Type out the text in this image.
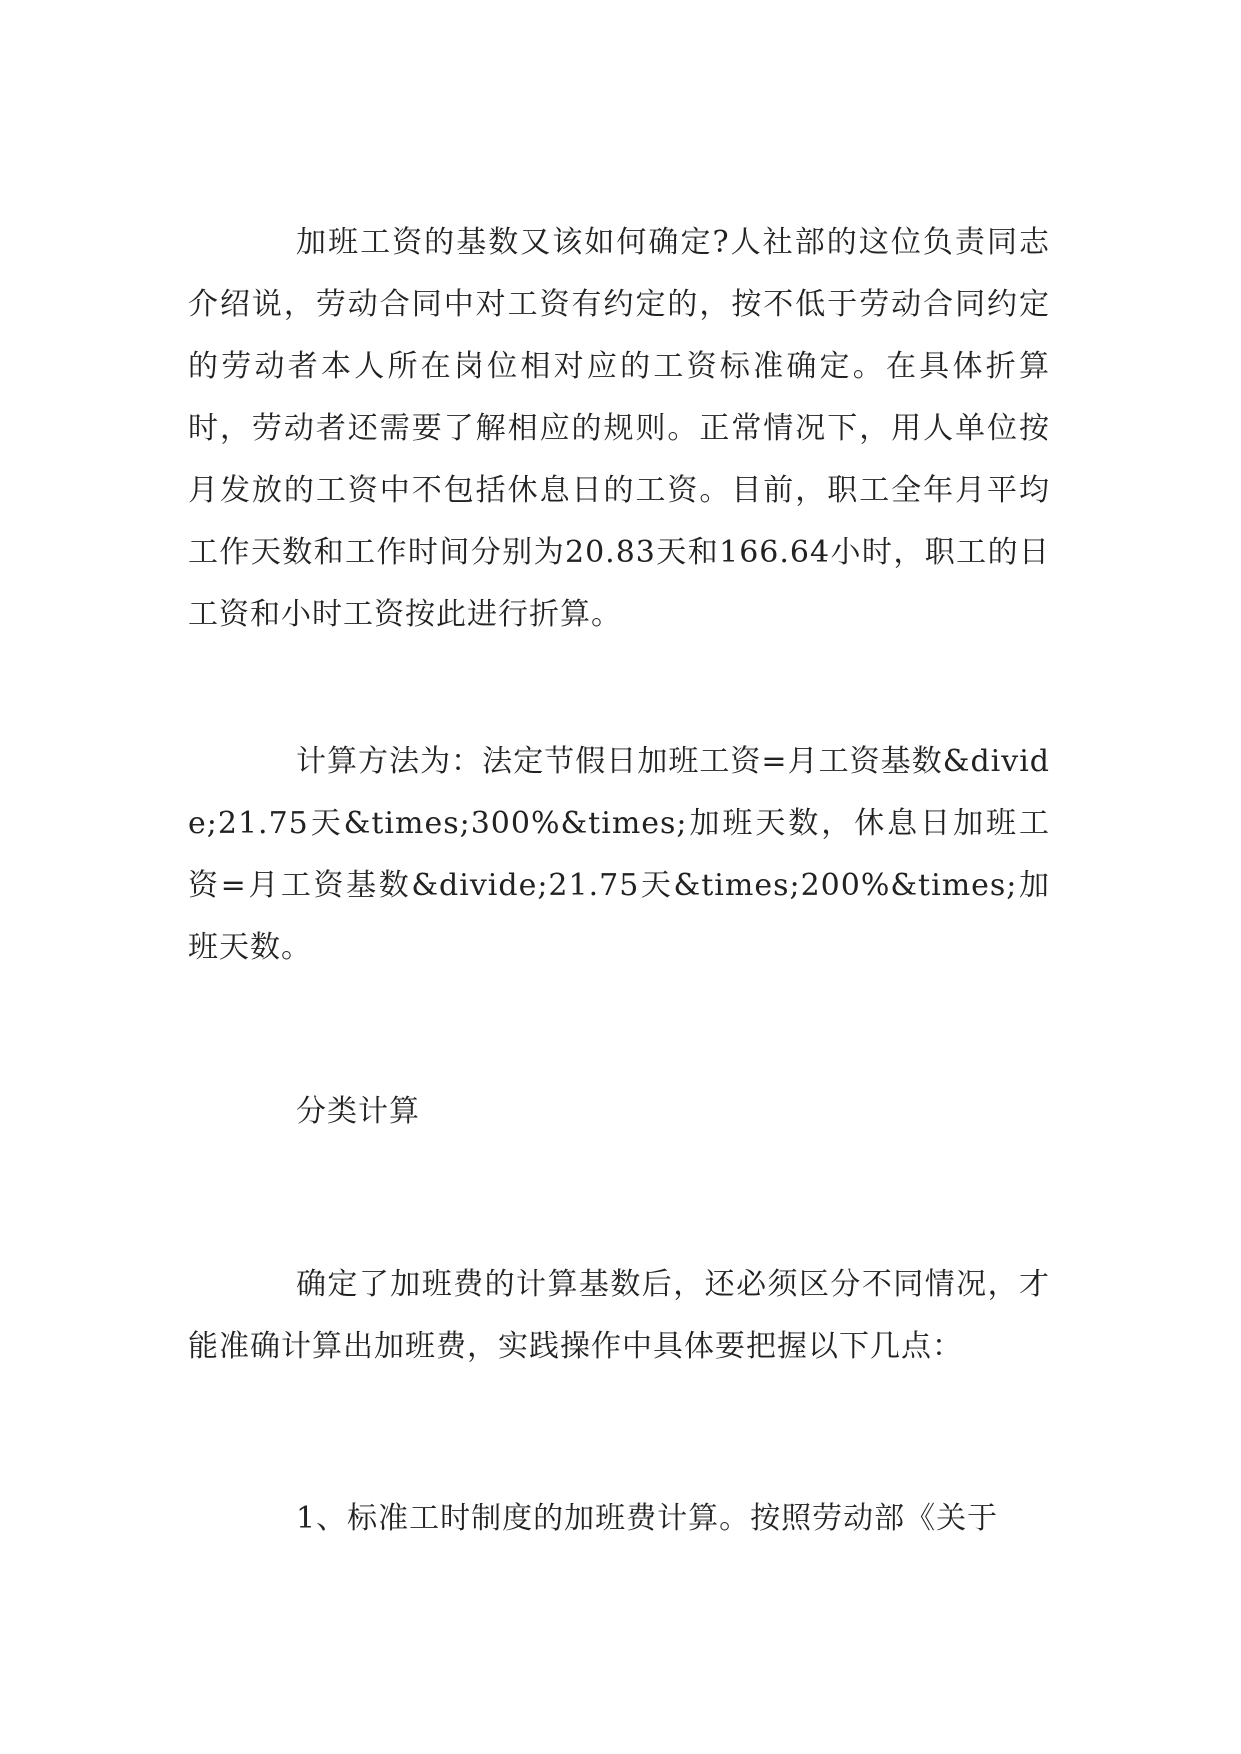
加班工资的基数又该如何确定?人社部的这位负责同志介绍说，劳动合同中对工资有约定的，按不低于劳动合同约定的劳动者本人所在岗位相对应的工资标准确定。在具体折算时，劳动者还需要了解相应的规则。正常情况下，用人单位按月发放的工资中不包括休息日的工资。目前，职工全年月平均工作天数和工作时间分别为20.83天和166.64小时，职工的日工资和小时工资按此进行折算。

计算方法为：法定节假日加班工资=月工资基数&divide;21.75天&times;300%&times;加班天数，休息日加班工资=月工资基数&divide;21.75天&times;200%&times;加班天数。

分类计算

确定了加班费的计算基数后，还必须区分不同情况，才能准确计算出加班费，实践操作中具体要把握以下几点：

1、标准工时制度的加班费计算。按照劳动部《关于
